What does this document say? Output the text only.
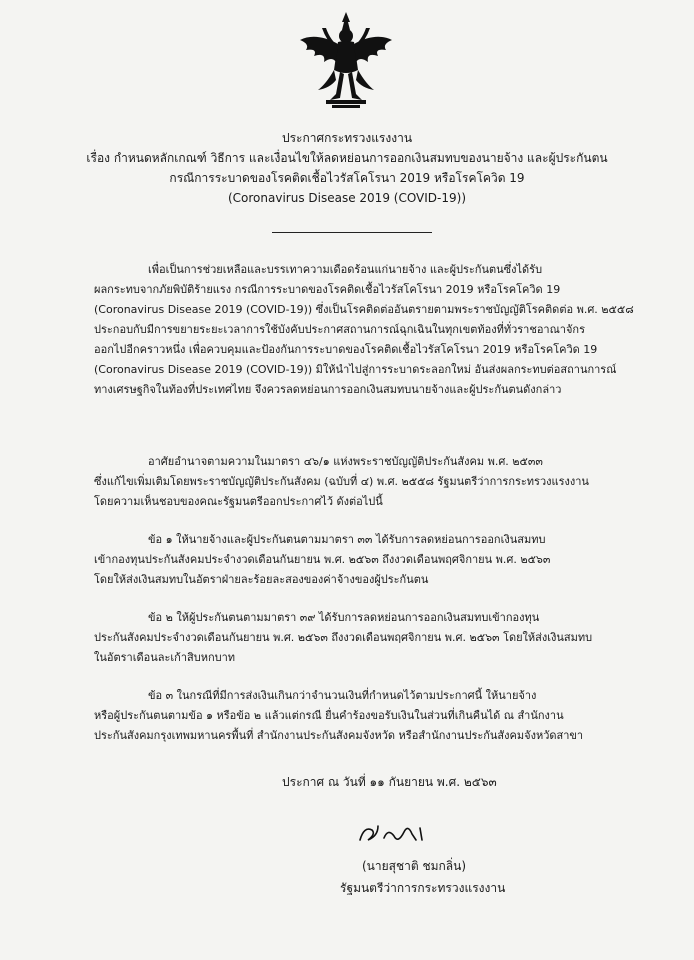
ประกาศกระทรวงแรงงาน
เรื่อง กำหนดหลักเกณฑ์ วิธีการ และเงื่อนไขให้ลดหย่อนการออกเงินสมทบของนายจ้าง และผู้ประกันตน
กรณีการระบาดของโรคติดเชื้อไวรัสโคโรนา 2019 หรือโรคโควิด 19
(Coronavirus Disease 2019 (COVID-19))
เพื่อเป็นการช่วยเหลือและบรรเทาความเดือดร้อนแก่นายจ้าง และผู้ประกันตนซึ่งได้รับ
ผลกระทบจากภัยพิบัติร้ายแรง กรณีการระบาดของโรคติดเชื้อไวรัสโคโรนา 2019 หรือโรคโควิด 19
(Coronavirus Disease 2019 (COVID-19)) ซึ่งเป็นโรคติดต่ออันตรายตามพระราชบัญญัติโรคติดต่อ พ.ศ. ๒๕๕๘
ประกอบกับมีการขยายระยะเวลาการใช้บังคับประกาศสถานการณ์ฉุกเฉินในทุกเขตท้องที่ทั่วราชอาณาจักร
ออกไปอีกคราวหนึ่ง เพื่อควบคุมและป้องกันการระบาดของโรคติดเชื้อไวรัสโคโรนา 2019 หรือโรคโควิด 19
(Coronavirus Disease 2019 (COVID-19)) มิให้นำไปสู่การระบาดระลอกใหม่ อันส่งผลกระทบต่อสถานการณ์
ทางเศรษฐกิจในท้องที่ประเทศไทย จึงควรลดหย่อนการออกเงินสมทบนายจ้างและผู้ประกันตนดังกล่าว
อาศัยอำนาจตามความในมาตรา ๔๖/๑ แห่งพระราชบัญญัติประกันสังคม พ.ศ. ๒๕๓๓
ซึ่งแก้ไขเพิ่มเติมโดยพระราชบัญญัติประกันสังคม (ฉบับที่ ๔) พ.ศ. ๒๕๕๘ รัฐมนตรีว่าการกระทรวงแรงงาน
โดยความเห็นชอบของคณะรัฐมนตรีออกประกาศไว้ ดังต่อไปนี้
ข้อ ๑ ให้นายจ้างและผู้ประกันตนตามมาตรา ๓๓ ได้รับการลดหย่อนการออกเงินสมทบ
เข้ากองทุนประกันสังคมประจำงวดเดือนกันยายน พ.ศ. ๒๕๖๓ ถึงงวดเดือนพฤศจิกายน พ.ศ. ๒๕๖๓
โดยให้ส่งเงินสมทบในอัตราฝ่ายละร้อยละสองของค่าจ้างของผู้ประกันตน
ข้อ ๒ ให้ผู้ประกันตนตามมาตรา ๓๙ ได้รับการลดหย่อนการออกเงินสมทบเข้ากองทุน
ประกันสังคมประจำงวดเดือนกันยายน พ.ศ. ๒๕๖๓ ถึงงวดเดือนพฤศจิกายน พ.ศ. ๒๕๖๓ โดยให้ส่งเงินสมทบ
ในอัตราเดือนละเก้าสิบหกบาท
ข้อ ๓ ในกรณีที่มีการส่งเงินเกินกว่าจำนวนเงินที่กำหนดไว้ตามประกาศนี้ ให้นายจ้าง
หรือผู้ประกันตนตามข้อ ๑ หรือข้อ ๒ แล้วแต่กรณี ยื่นคำร้องขอรับเงินในส่วนที่เกินคืนได้ ณ สำนักงาน
ประกันสังคมกรุงเทพมหานครพื้นที่ สำนักงานประกันสังคมจังหวัด หรือสำนักงานประกันสังคมจังหวัดสาขา
ประกาศ ณ วันที่ ๑๑ กันยายน พ.ศ. ๒๕๖๓
(นายสุชาติ ชมกลิ่น)
รัฐมนตรีว่าการกระทรวงแรงงาน
